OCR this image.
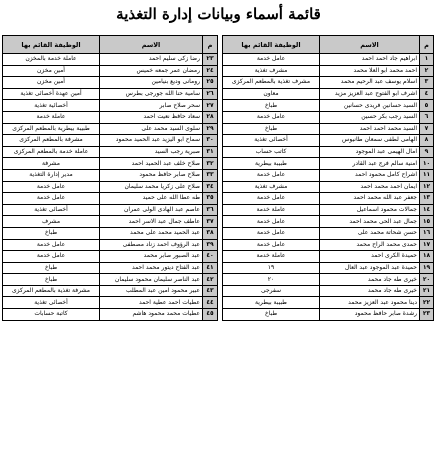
قائمة أسماء وبيانات إدارة التغذية
م	الاسم	الوظيفة القائم بها
١	ابراهيم جاد احمد احمد	عامل خدمة
٢	احمد محمد ابو العلا محمد	مشرف تغذية
٣	اسلام يوسف عبد الرحيم محمد	مشرف تغذية بالمطعم المركزى
٤	اشرف ابو الفتوح عبد العزيز مزيد	معاون
٥	السيد حسانين فريدى حسانين	طباخ
٦	السيد رجب بكر حسين	عامل خدمة
٧	السيد محمد احمد احمد	طباخ
٨	الهامى لطفى سمعان طانيوس	أخصائى تغذية
٩	امال الهيمى عبد الموجود	كاتب حساب
١٠	امنية سالم فرج عبد القادر	طبيبة بيطرية
١١	اشراح كامل محمود احمد	عامل خدمة
١٢	ايمان احمد محمد احمد	مشرف تغذية
١٣	جعفر عبد الله محمد احمد	عامل خدمة
١٤	جمالات محمود اسماعيل	عاملة خدمة
١٥	جمال عبد الحى محمد احمد	عامل خدمة
١٦	حسن شحاتة محمد على	عامل خدمة
١٧	حمدى محمد الراح محمد	عامل خدمة
١٨	حميدة الكرى احمد	عاملة خدمة
١٩	حميدة عبد الموجود عبد العال	١٩
٢٠	خيرى طه جاد محمد	٢٠
٢١	خيرى طه جاد محمد	سفرجى
٢٢	دينا محمود عبد العزيز محمد	طبيبة بيطرية
٢٣	رشدة صابر حافظ محمود	طباخ
م	الاسم	الوظيفة القائم بها
٢٣	رضا زكى سليم احمد	عاملة خدمة بالمخزن
٢٤	رمضان عمر جمعه خميس	أمين مخزن
٢٥	رومانى وديع بنيامين	أمين مخزن
٢٦	سامية حنا الله جورجى بطرس	أمين عهدة أخصائى تغذية
٢٧	سحر صلاح صابر	أخصائية تغذية
٢٨	سعاد حافظ نعيت احمد	عاملة خدمة
٢٩	سلوى السيد محمد على	طبيبة بيطرية بالمطعم المركزى
٣٠	سماح ابو اليزيد عبد الحميد محمود	مشرفة بالمطعم المركزى
٣١	صبرية رجب السيد	عاملة خدمة بالمطعم المركزى
٣٢	صلاح خلف عبد الحميد احمد	مشرفة
٣٣	صلاح صابر حافظ محمود	مدير إدارة التغذية
٣٤	صلاح على زكريا محمد سليمان	عامل خدمة
٣٥	طه عطا الله على حميد	عامل خدمة
٣٦	عاصم عبد الهادى الولى عمران	أخصائى تغذية
٣٧	عاطف جمال عبد الاسر احمد	مشرف
٣٨	عبد الحميد محمد على محمد	طباخ
٣٩	عبد الرؤوف احمد زناد مصطفى	عامل خدمة
٤٠	عبد الصبور صابر محمد	عامل خدمة
٤١	عبد الفتاح ديتور محمد احمد	طباخ
٤٢	عبد الناصر سليمان محمود سليمان	طباخ
٤٣	عبير محمود امين عبد المطلب	مشرفة تغذية بالمطعم المركزى
٤٤	عطيات احمد عطية احمد	أخصائى تغذية
٤٥	عطيات محمد محمود هاشم	كاتبة حسابات
